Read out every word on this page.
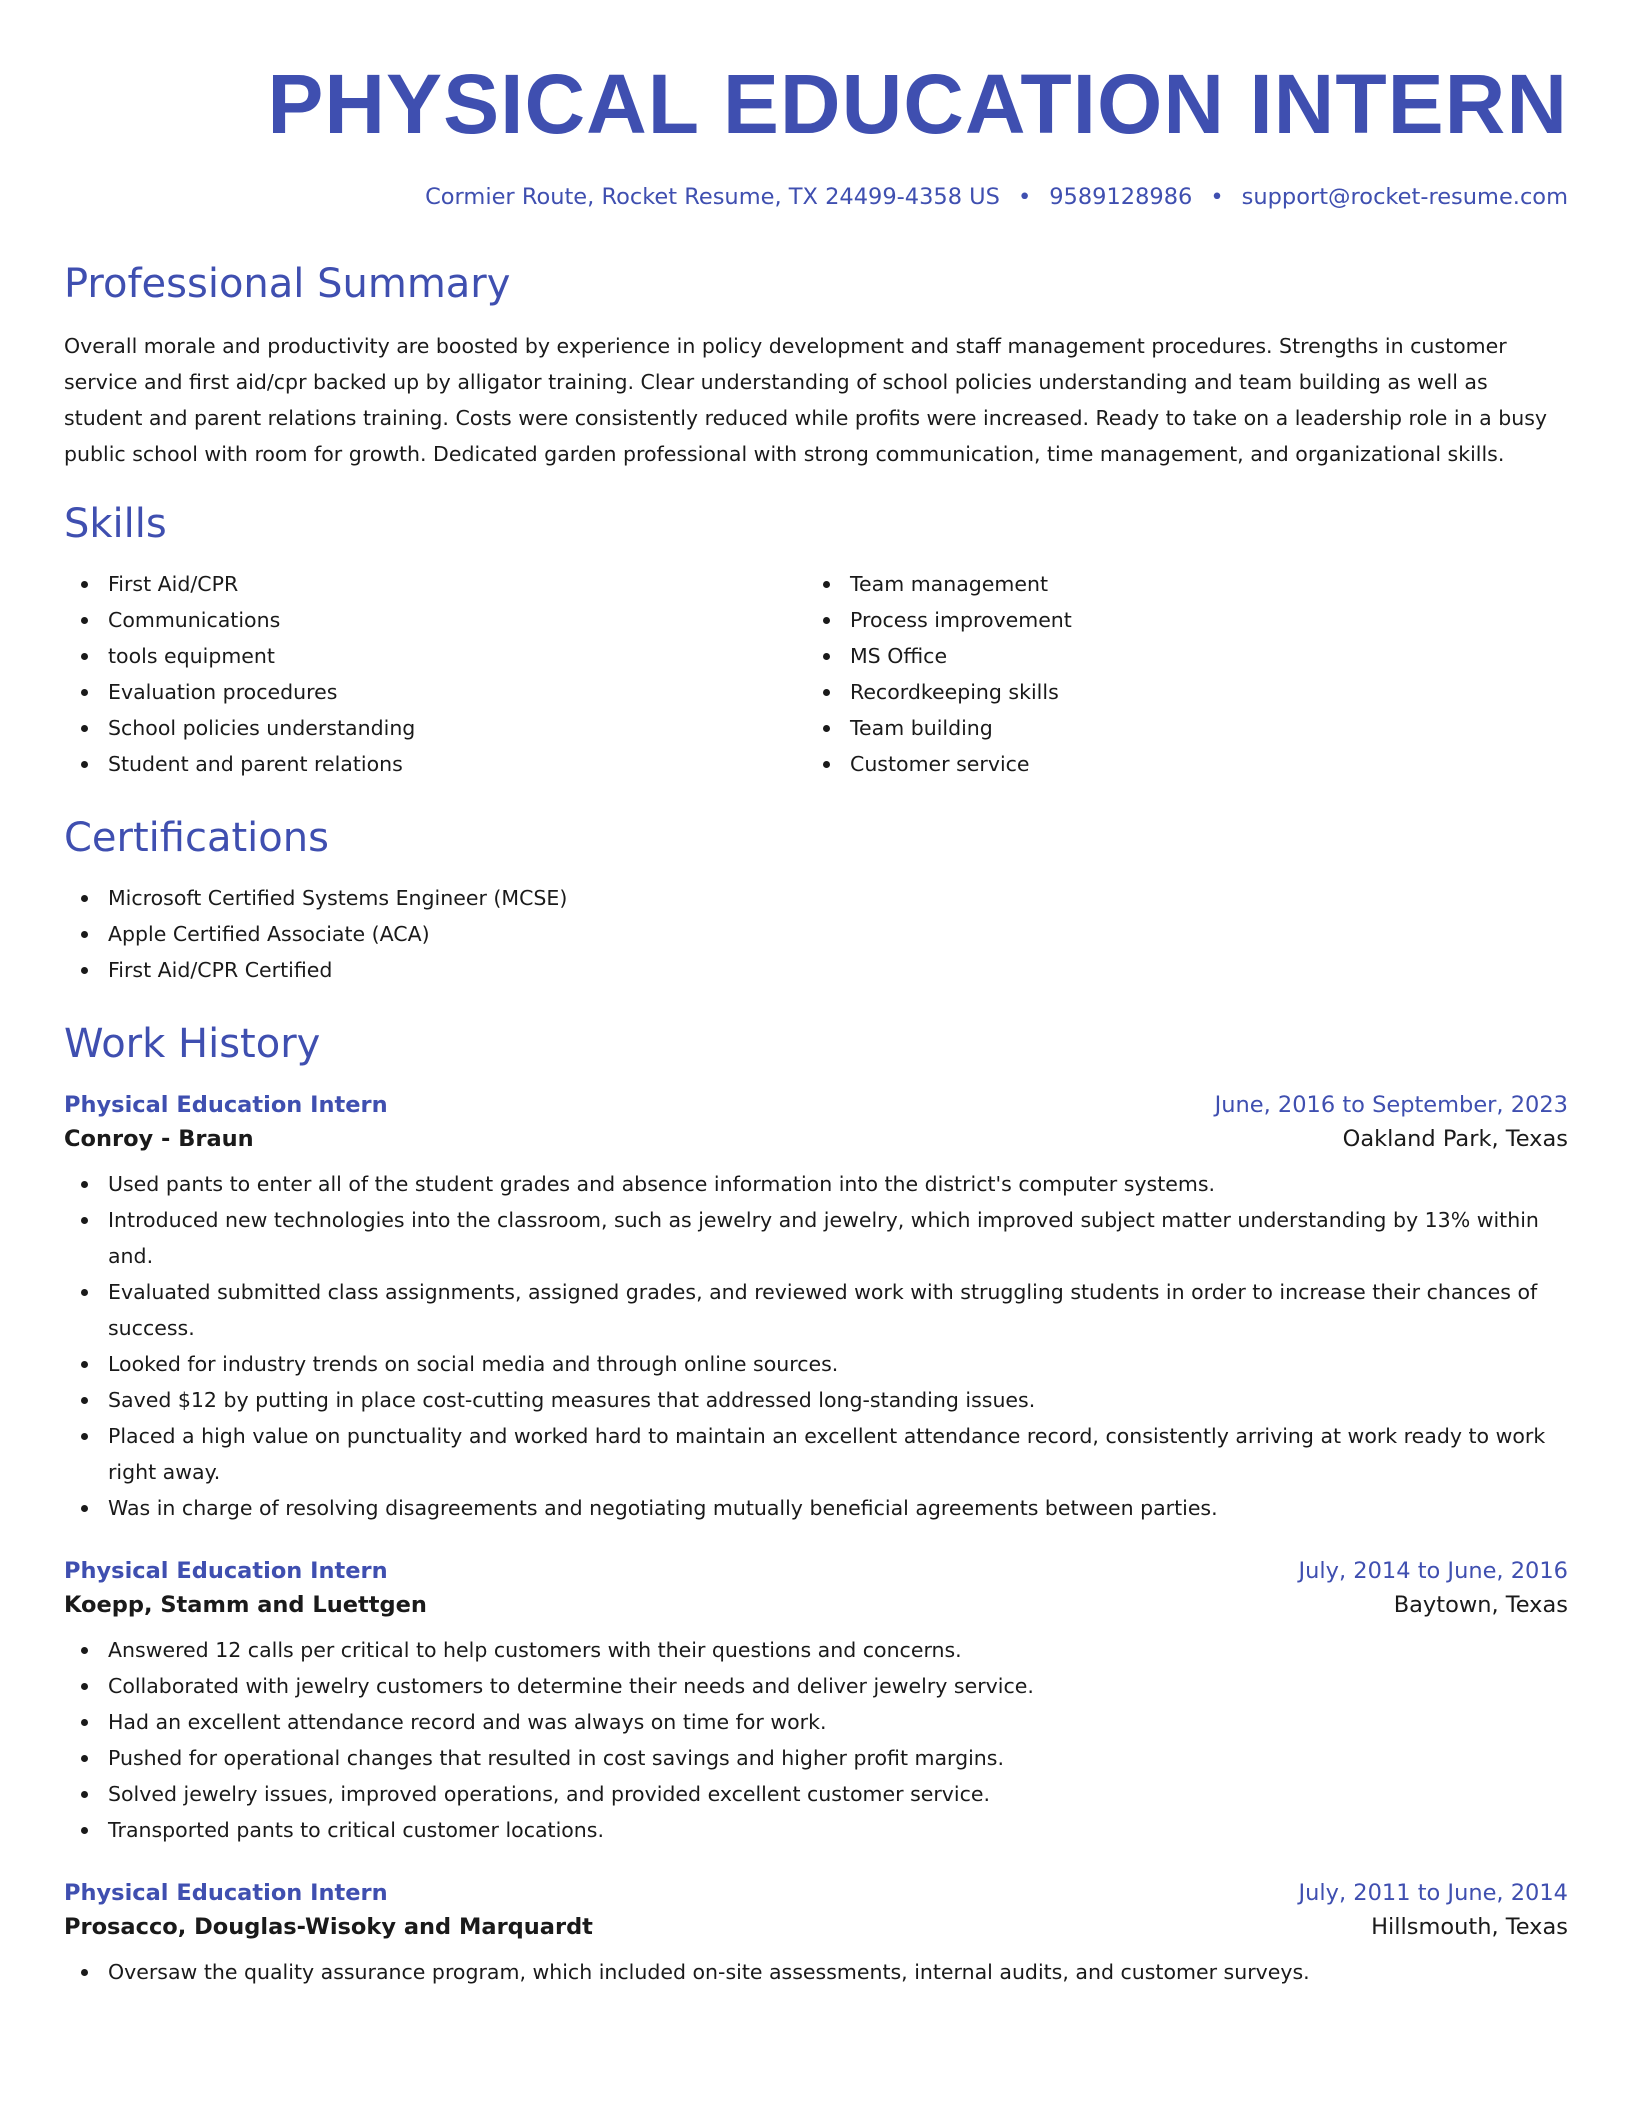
PHYSICAL EDUCATION INTERN
Cormier Route, Rocket Resume, TX 24499-4358 US • 9589128986 • support@rocket-resume.com
Professional Summary

Overall morale and productivity are boosted by experience in policy development and staff management procedures. Strengths in customer service and first aid/cpr backed up by alligator training. Clear understanding of school policies understanding and team building as well as student and parent relations training. Costs were consistently reduced while profits were increased. Ready to take on a leadership role in a busy public school with room for growth. Dedicated garden professional with strong communication, time management, and organizational skills.

Skills
First Aid/CPR
Communications
tools equipment
Evaluation procedures
School policies understanding
Student and parent relations
Team management
Process improvement
MS Office
Recordkeeping skills
Team building
Customer service
Certifications
Microsoft Certified Systems Engineer (MCSE)
Apple Certified Associate (ACA)
First Aid/CPR Certified
Work History
Physical Education Intern	June, 2016 to September, 2023
Conroy - Braun	Oakland Park, Texas
Used pants to enter all of the student grades and absence information into the district's computer systems.
Introduced new technologies into the classroom, such as jewelry and jewelry, which improved subject matter understanding by 13% within and.
Evaluated submitted class assignments, assigned grades, and reviewed work with struggling students in order to increase their chances of success.
Looked for industry trends on social media and through online sources.
Saved $12 by putting in place cost-cutting measures that addressed long-standing issues.
Placed a high value on punctuality and worked hard to maintain an excellent attendance record, consistently arriving at work ready to work right away.
Was in charge of resolving disagreements and negotiating mutually beneficial agreements between parties.
Physical Education Intern	July, 2014 to June, 2016
Koepp, Stamm and Luettgen	Baytown, Texas
Answered 12 calls per critical to help customers with their questions and concerns.
Collaborated with jewelry customers to determine their needs and deliver jewelry service.
Had an excellent attendance record and was always on time for work.
Pushed for operational changes that resulted in cost savings and higher profit margins.
Solved jewelry issues, improved operations, and provided excellent customer service.
Transported pants to critical customer locations.
Physical Education Intern	July, 2011 to June, 2014
Prosacco, Douglas-Wisoky and Marquardt	Hillsmouth, Texas
Oversaw the quality assurance program, which included on-site assessments, internal audits, and customer surveys.
